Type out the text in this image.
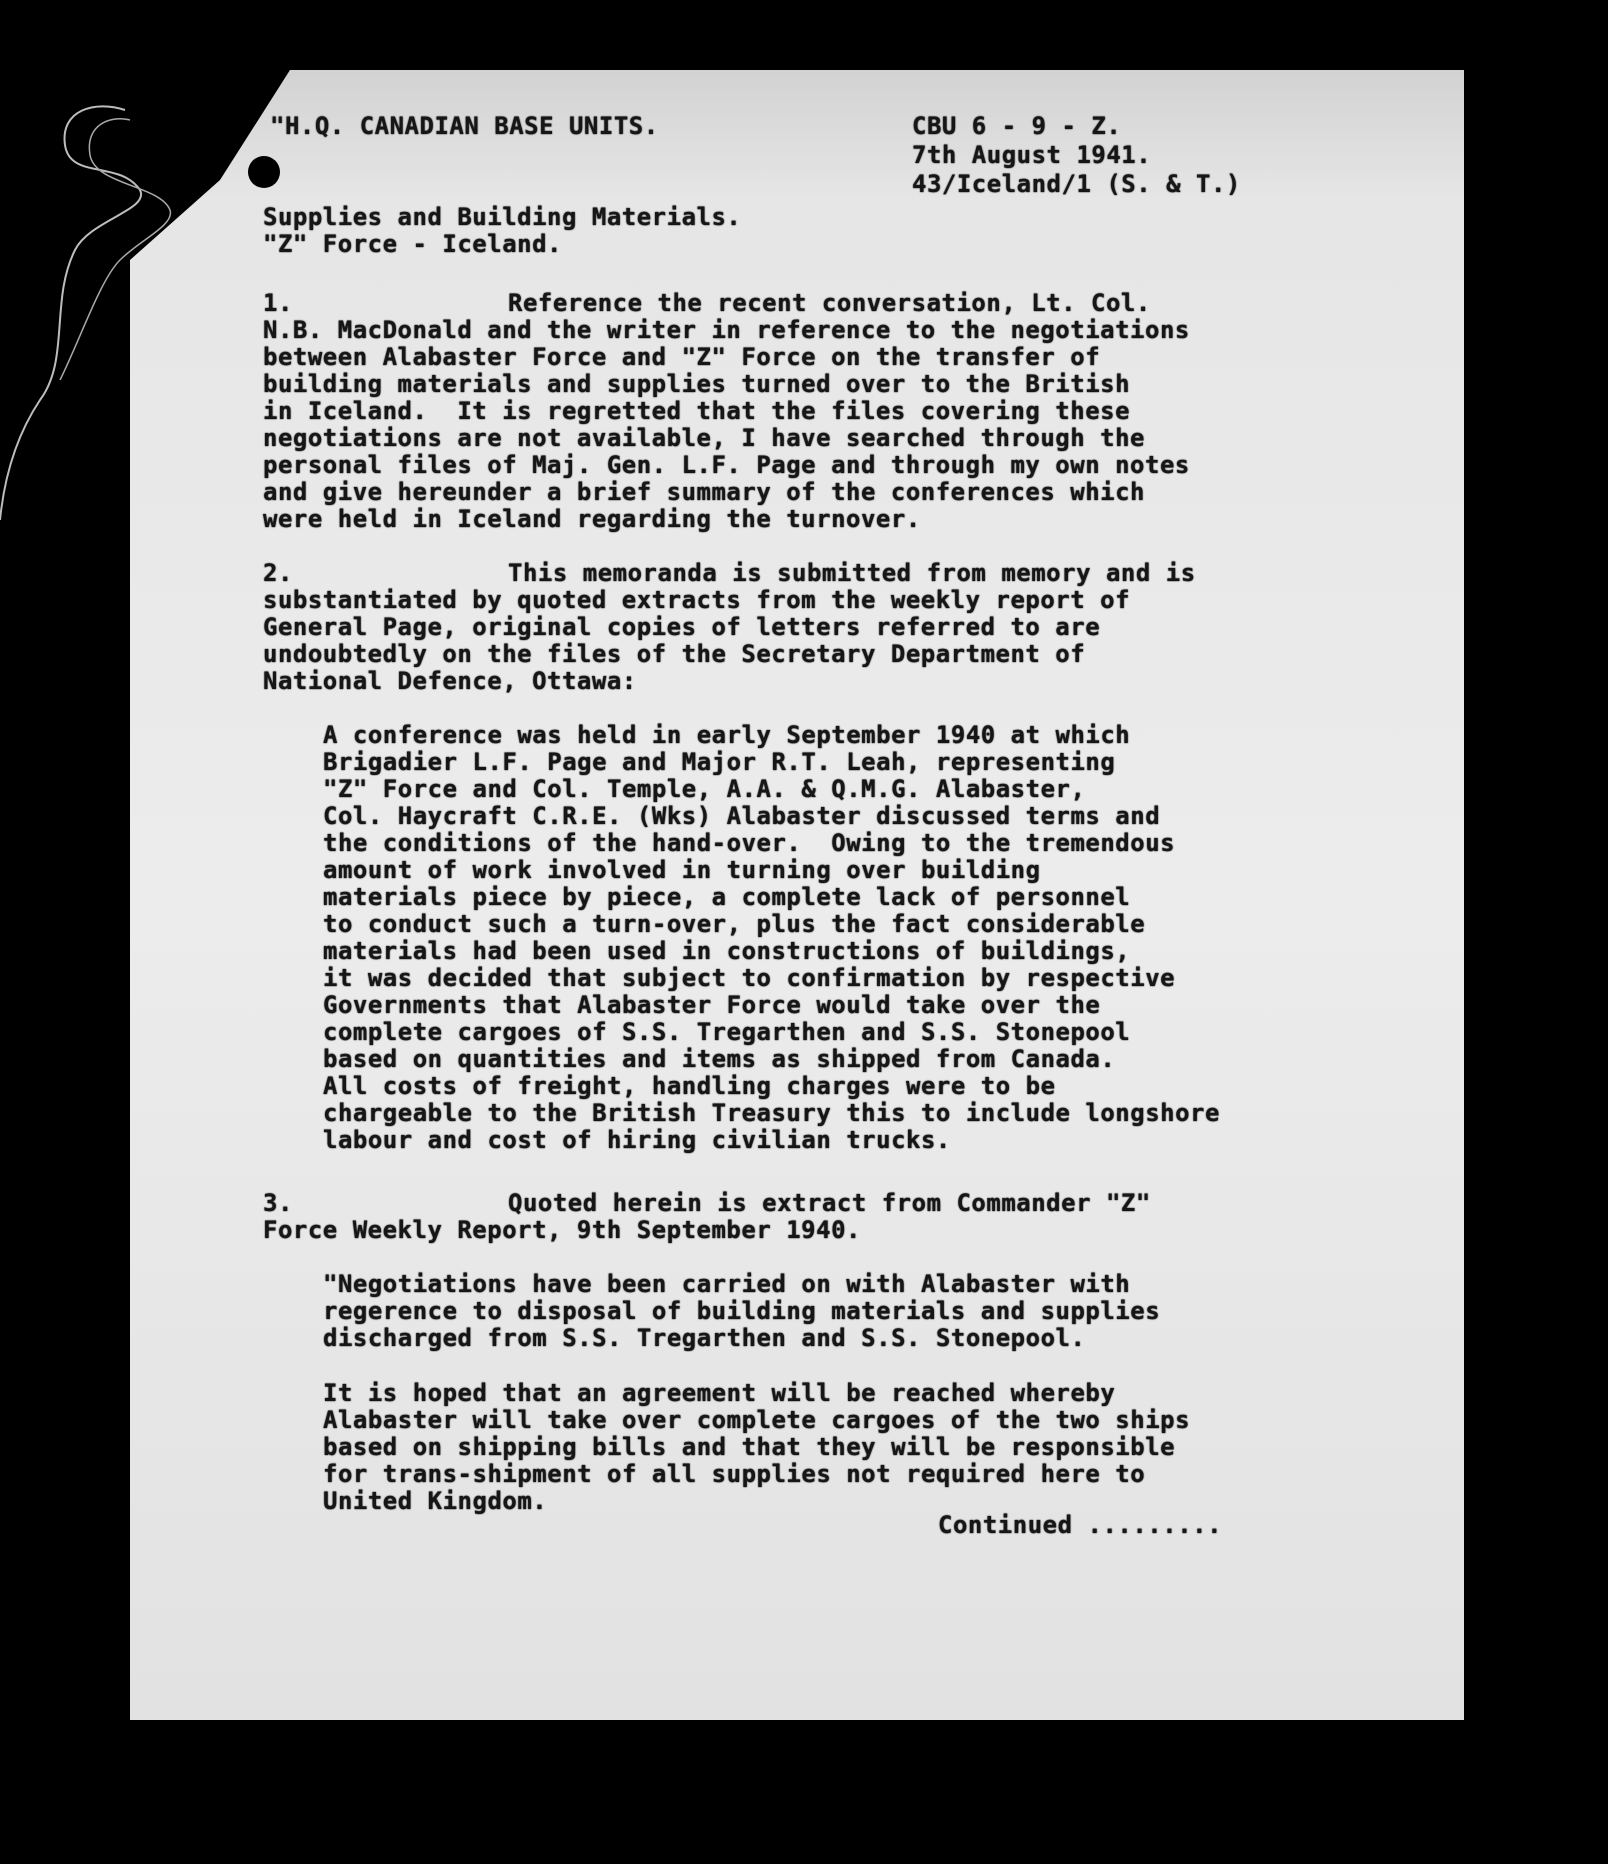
"H.Q. CANADIAN BASE UNITS.	CBU 6 - 9 - Z.
7th August 1941.
43/Iceland/1 (S. & T.)
Supplies and Building Materials.
"Z" Force - Iceland.
1.	Reference the recent conversation, Lt. Col.
N.B. MacDonald and the writer in reference to the negotiations
between Alabaster Force and "Z" Force on the transfer of
building materials and supplies turned over to the British
in Iceland.  It is regretted that the files covering these
negotiations are not available, I have searched through the
personal files of Maj. Gen. L.F. Page and through my own notes
and give hereunder a brief summary of the conferences which
were held in Iceland regarding the turnover.
2.	This memoranda is submitted from memory and is
substantiated by quoted extracts from the weekly report of
General Page, original copies of letters referred to are
undoubtedly on the files of the Secretary Department of
National Defence, Ottawa:
A conference was held in early September 1940 at which
Brigadier L.F. Page and Major R.T. Leah, representing
"Z" Force and Col. Temple, A.A. & Q.M.G. Alabaster,
Col. Haycraft C.R.E. (Wks) Alabaster discussed terms and
the conditions of the hand-over.  Owing to the tremendous
amount of work involved in turning over building
materials piece by piece, a complete lack of personnel
to conduct such a turn-over, plus the fact considerable
materials had been used in constructions of buildings,
it was decided that subject to confirmation by respective
Governments that Alabaster Force would take over the
complete cargoes of S.S. Tregarthen and S.S. Stonepool
based on quantities and items as shipped from Canada.
All costs of freight, handling charges were to be
chargeable to the British Treasury this to include longshore
labour and cost of hiring civilian trucks.
3.	Quoted herein is extract from Commander "Z"
Force Weekly Report, 9th September 1940.
"Negotiations have been carried on with Alabaster with
regerence to disposal of building materials and supplies
discharged from S.S. Tregarthen and S.S. Stonepool.
It is hoped that an agreement will be reached whereby
Alabaster will take over complete cargoes of the two ships
based on shipping bills and that they will be responsible
for trans-shipment of all supplies not required here to
United Kingdom.
Continued .........
